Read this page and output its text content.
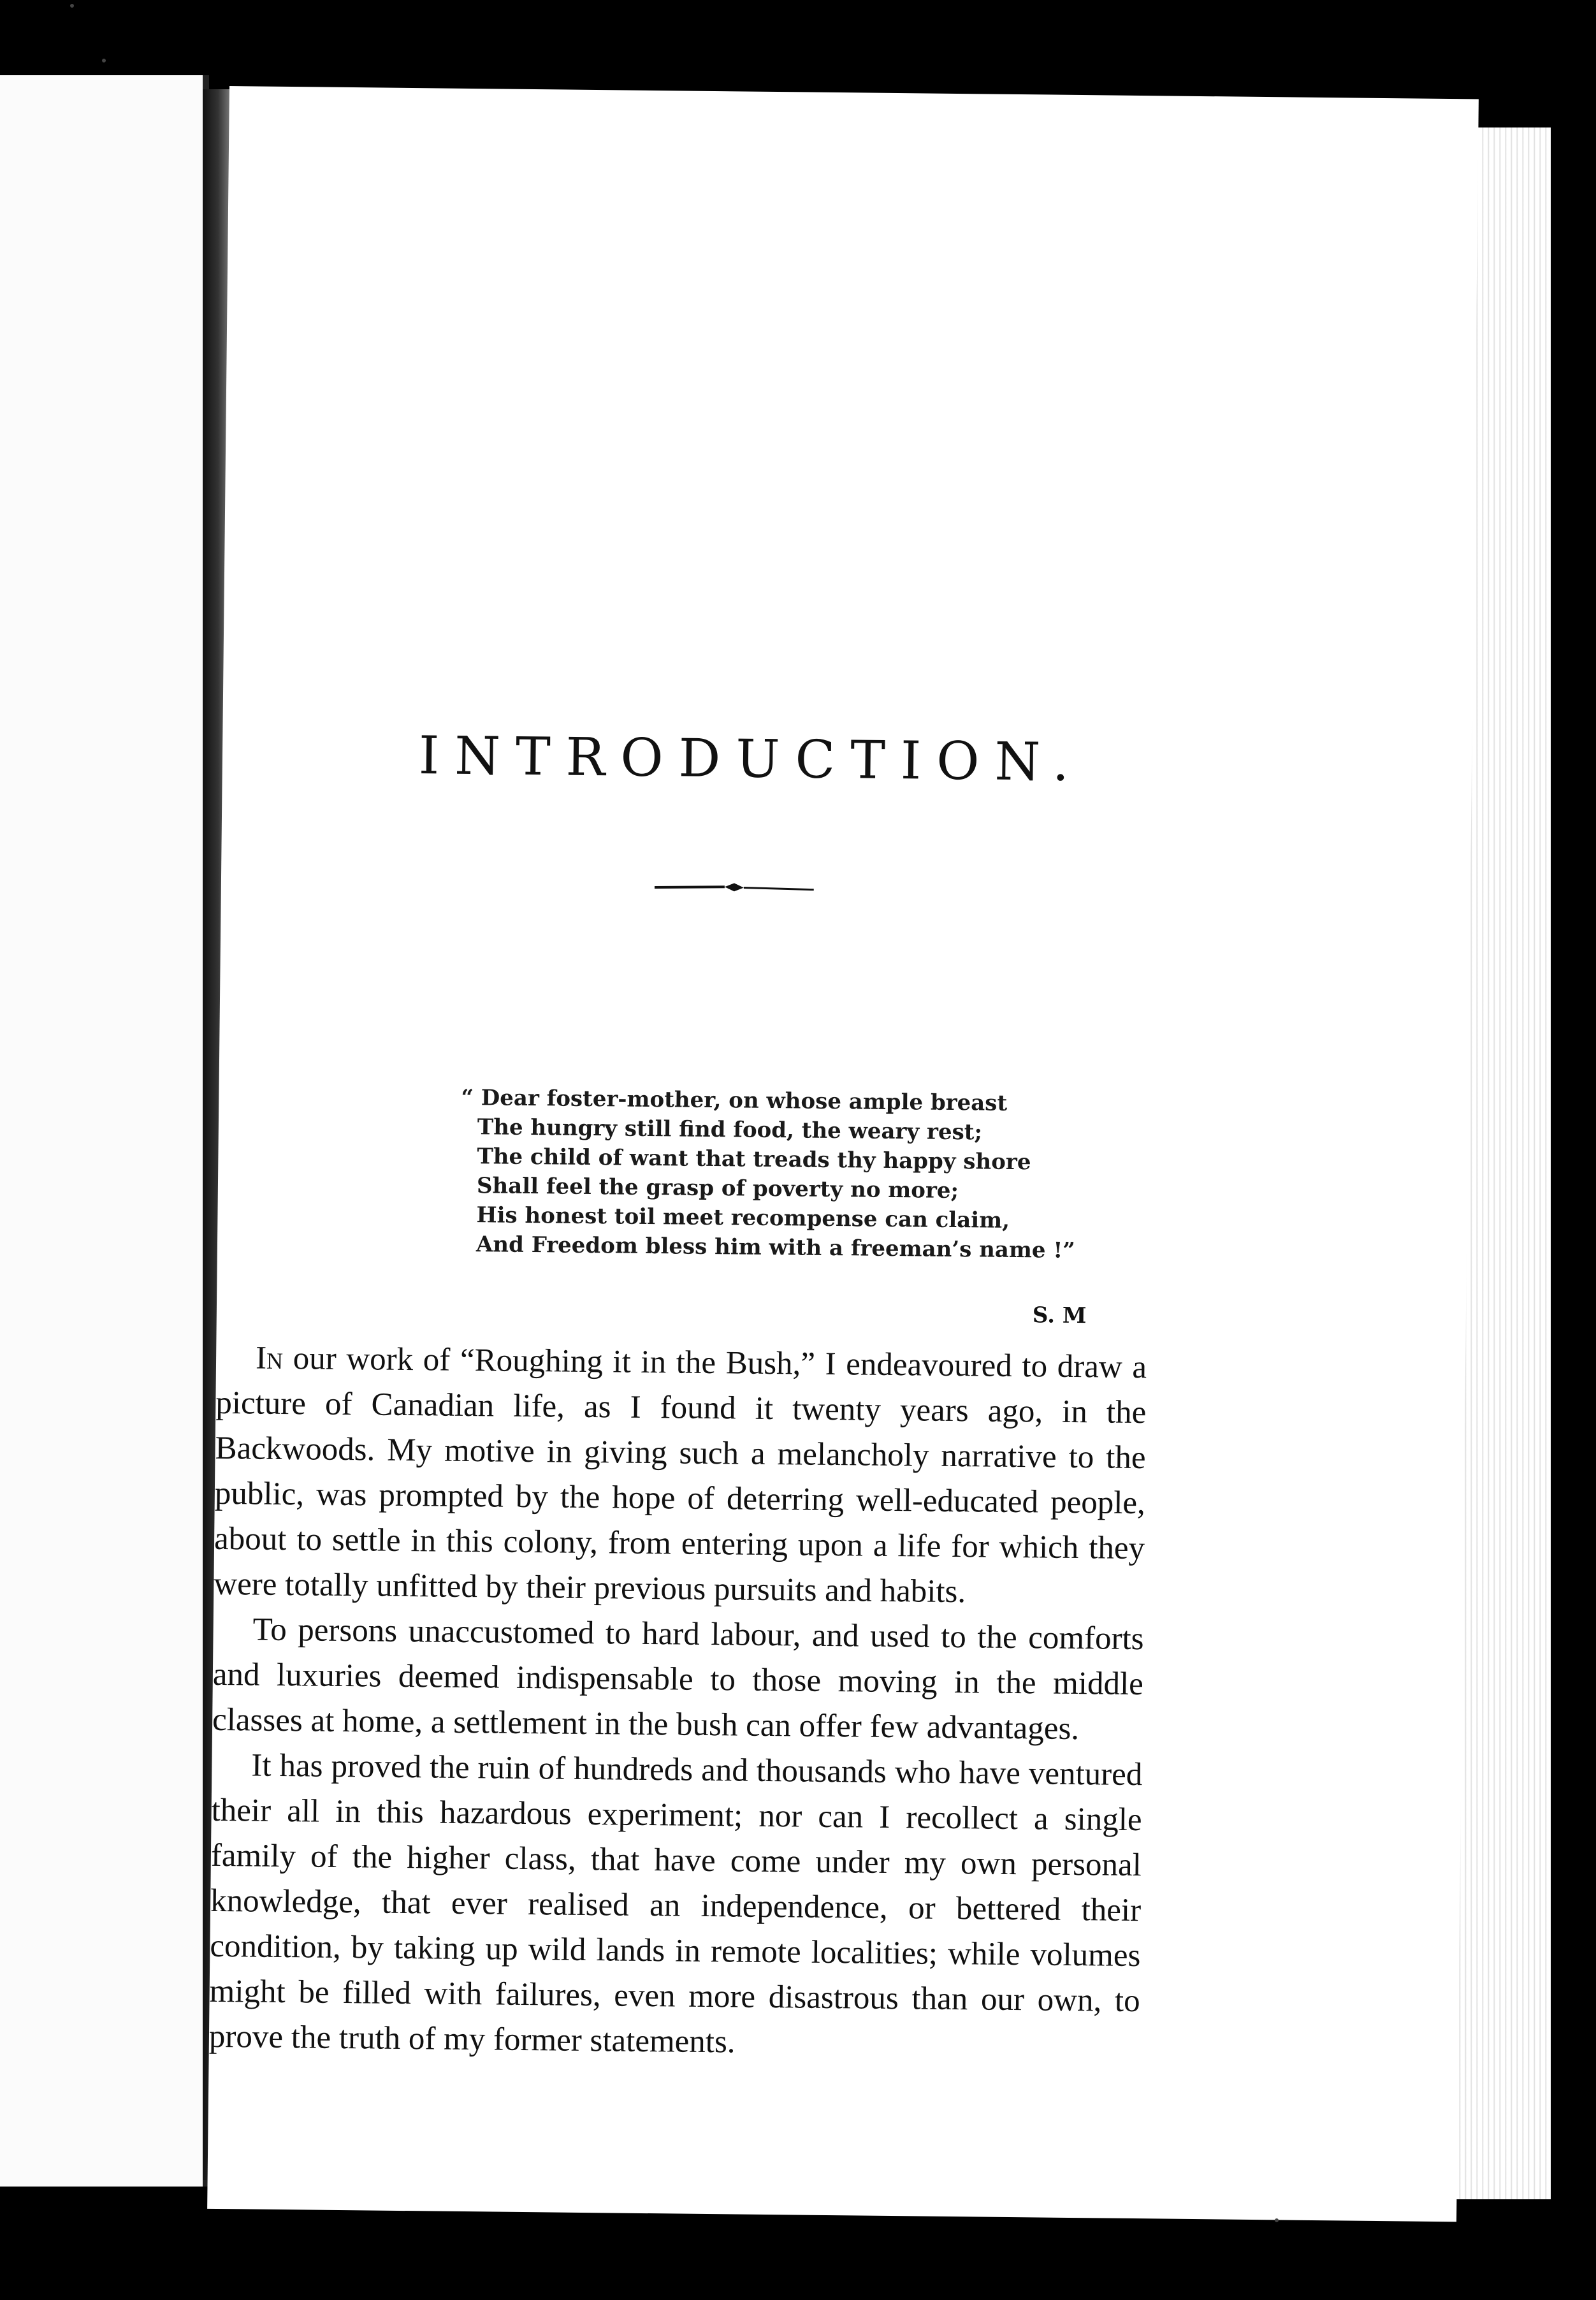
INTRODUCTION.
“ Dear foster-mother, on whose ample breast
The hungry still find food, the weary rest;
The child of want that treads thy happy shore
Shall feel the grasp of poverty no more;
His honest toil meet recompense can claim,
And Freedom bless him with a freeman’s name !”
S. M

In our work of “Roughing it in the Bush,” I endeavoured to draw a picture of Canadian life, as I found it twenty years ago, in the Backwoods. My motive in giving such a melancholy narrative to the public, was prompted by the hope of deterring well-educated people, about to settle in this colony, from entering upon a life for which they were totally unfitted by their previous pursuits and habits.

To persons unaccustomed to hard labour, and used to the comforts and luxuries deemed indispensable to those moving in the middle classes at home, a settlement in the bush can offer few advantages.

It has proved the ruin of hundreds and thousands who have ventured their all in this hazardous experiment; nor can I recollect a single family of the higher class, that have come under my own personal knowledge, that ever realised an independence, or bettered their condition, by taking up wild lands in remote localities; while volumes might be filled with failures, even more disastrous than our own, to prove the truth of my former statements.
